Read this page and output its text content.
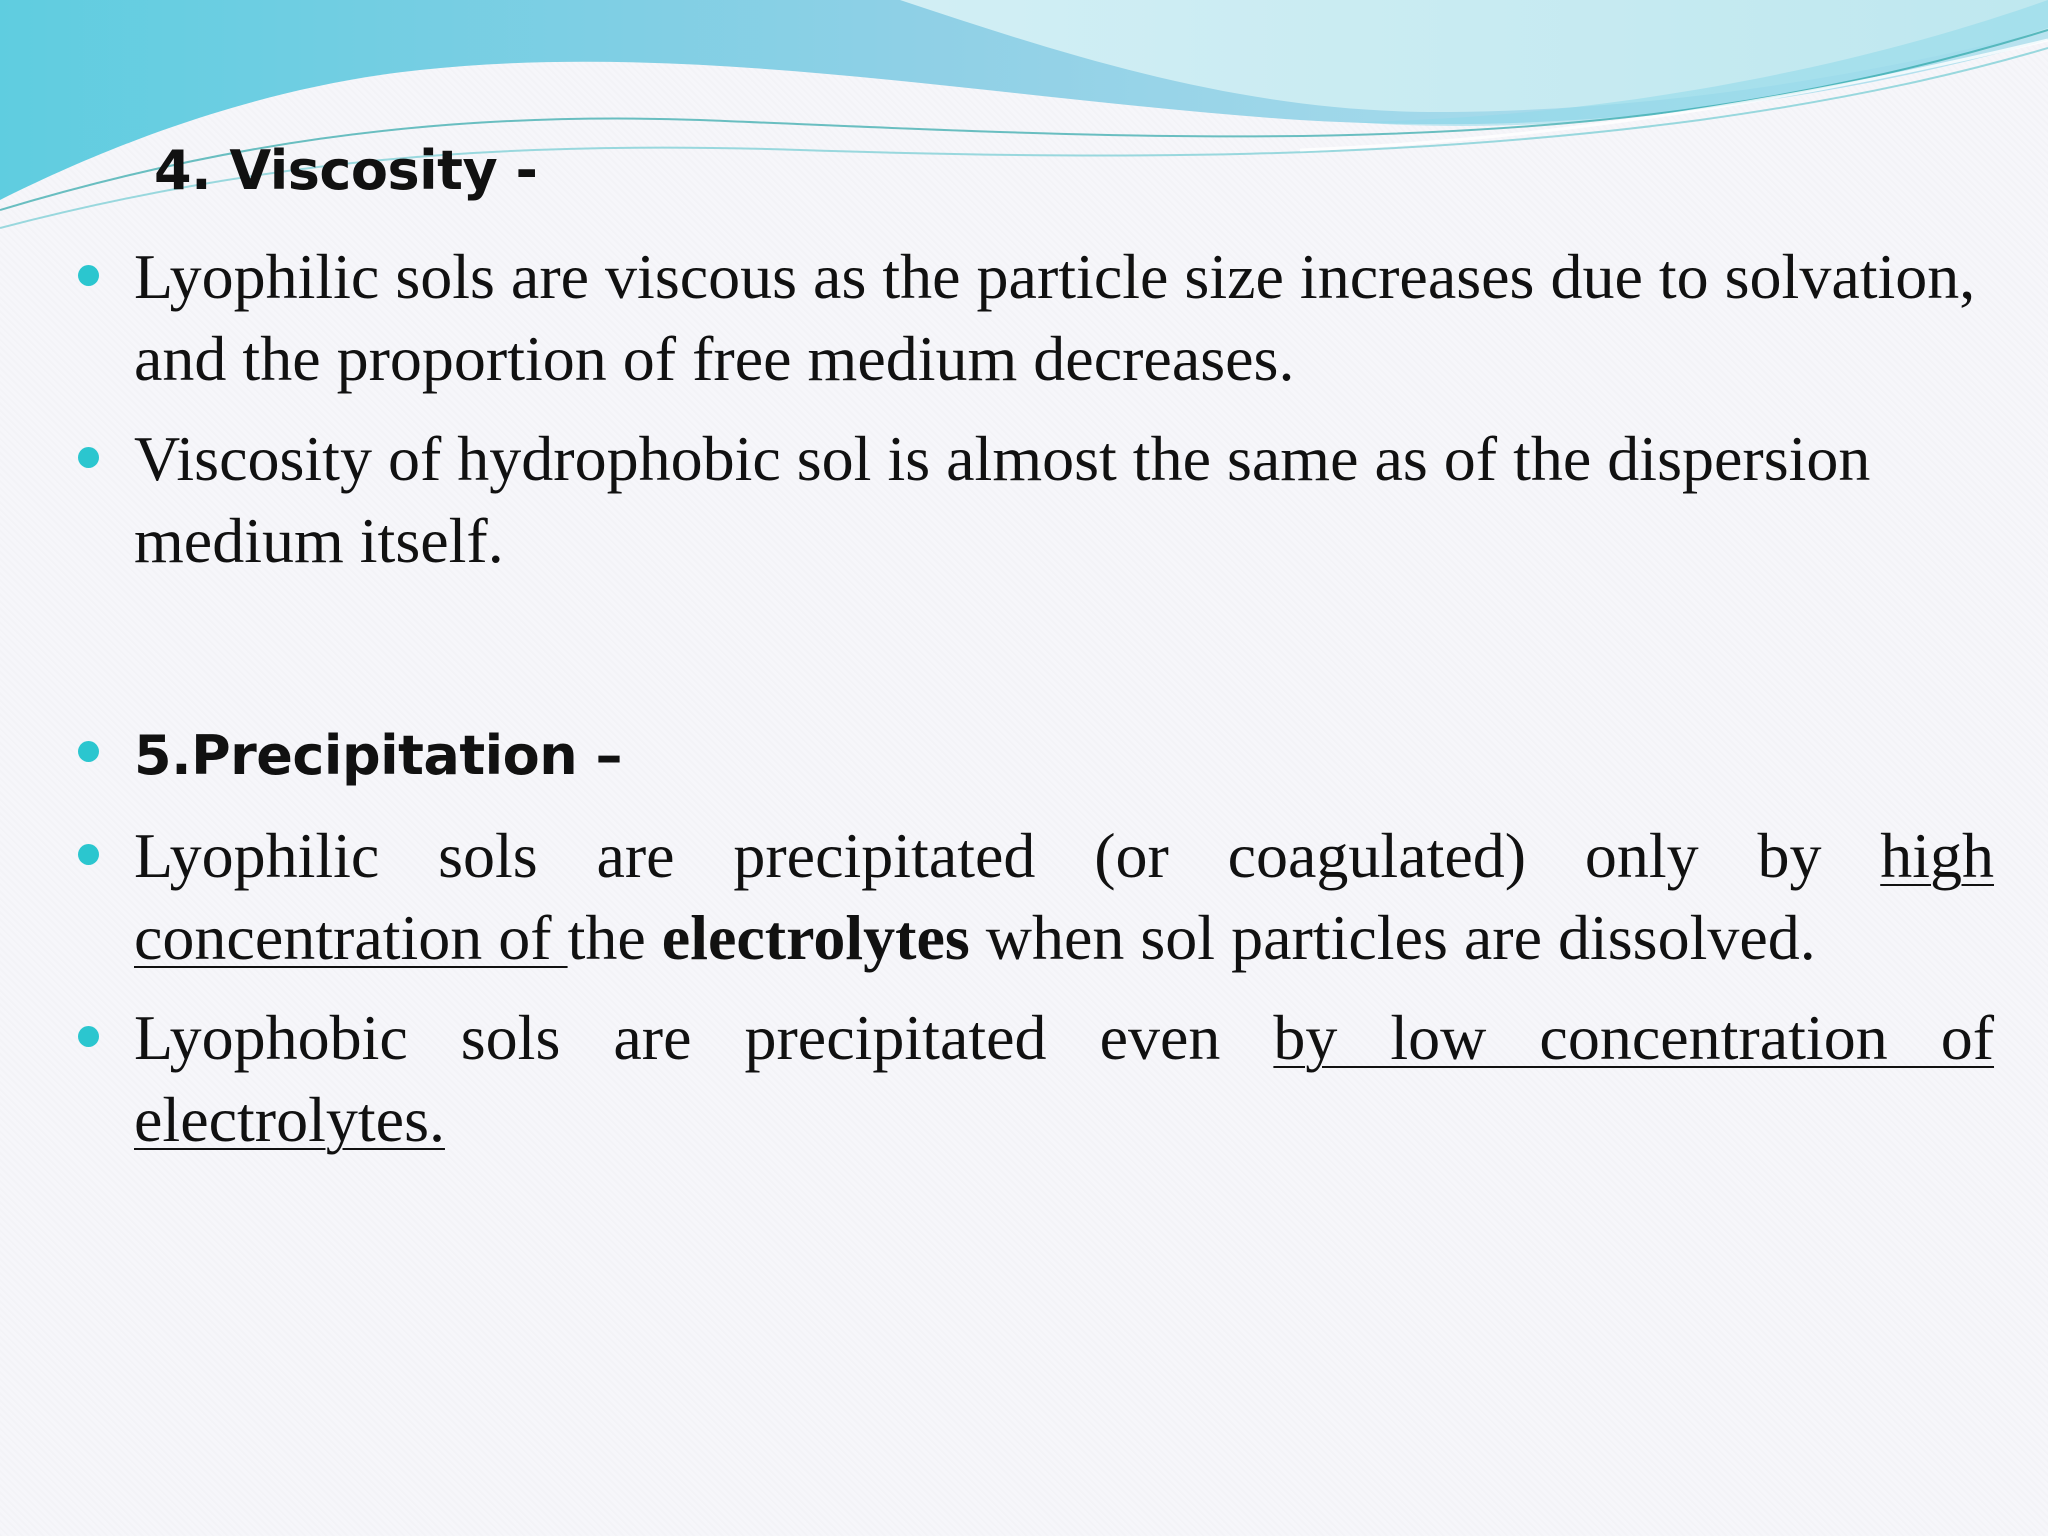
4. Viscosity -

Lyophilic sols are viscous as the particle size increases due to solvation, and the proportion of free medium decreases.

Viscosity of hydrophobic sol is almost the same as of the dispersion medium itself.

5.Precipitation –

Lyophilic sols are precipitated (or coagulated) only by high concentration of the electrolytes when sol particles are dissolved.

Lyophobic sols are precipitated even by low concentration of electrolytes.
